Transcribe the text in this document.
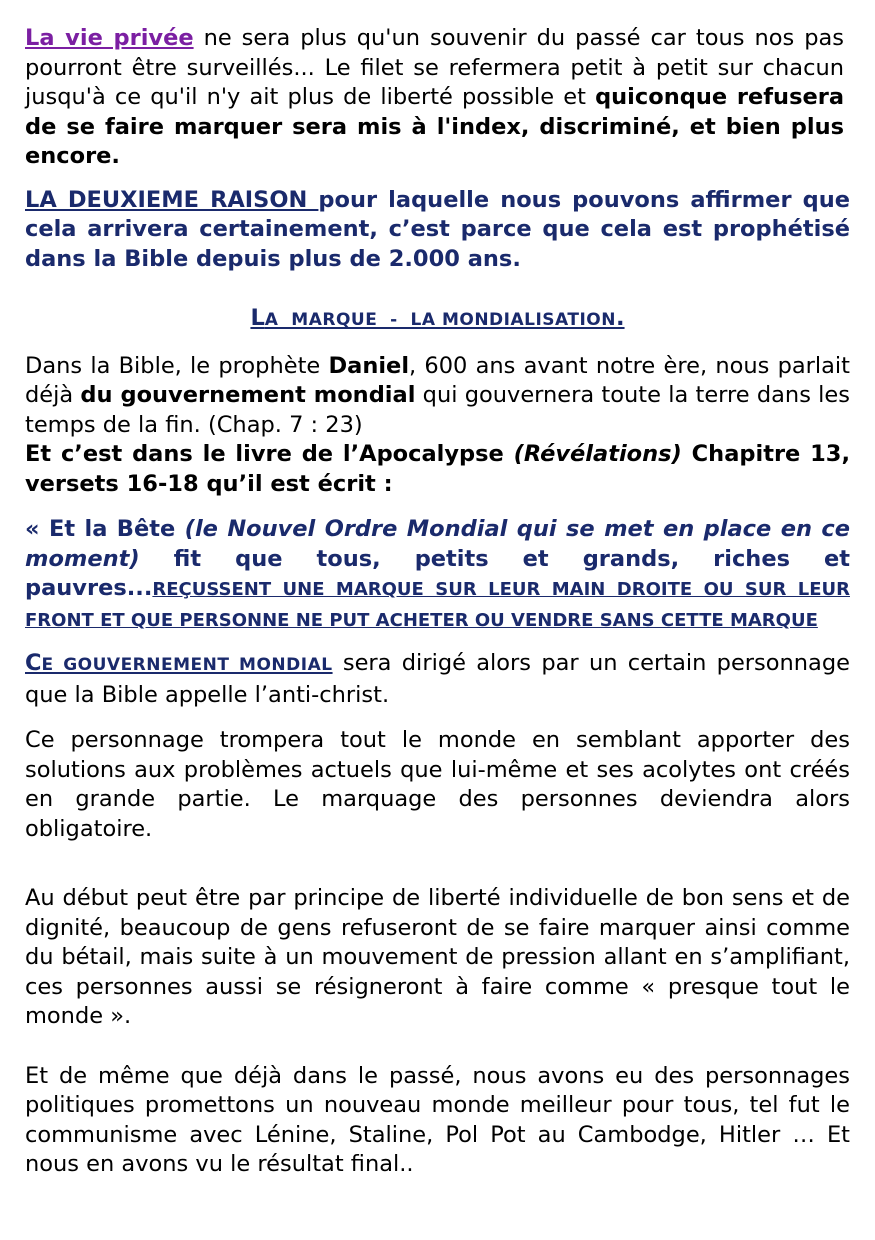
La vie privée ne sera plus qu'un souvenir du passé car tous nos pas pourront être surveillés... Le filet se refermera petit à petit sur chacun jusqu'à ce qu'il n'y ait plus de liberté possible et quiconque refusera de se faire marquer sera mis à l'index, discriminé, et bien plus encore.

LA DEUXIEME RAISON pour laquelle nous pouvons affirmer que cela arrivera certainement, c’est parce que cela est prophétisé dans la Bible depuis plus de 2.000 ans.

LA  MARQUE  -  LA MONDIALISATION.

Dans la Bible, le prophète Daniel, 600 ans avant notre ère, nous parlait déjà du gouvernement mondial qui gouvernera toute la terre dans les temps de la fin. (Chap. 7 : 23)

Et c’est dans le livre de l’Apocalypse (Révélations) Chapitre 13, versets 16-18 qu’il est écrit :

« Et la Bête (le Nouvel Ordre Mondial qui se met en place en ce moment) fit que tous, petits et grands, riches et pauvres...REÇUSSENT UNE MARQUE SUR LEUR MAIN DROITE OU SUR LEUR FRONT ET QUE PERSONNE NE PUT ACHETER OU VENDRE SANS CETTE MARQUE

CE GOUVERNEMENT MONDIAL sera dirigé alors par un certain personnage que la Bible appelle l’anti-christ.

Ce personnage trompera tout le monde en semblant apporter des solutions aux problèmes actuels que lui-même et ses acolytes ont créés en grande partie. Le marquage des personnes deviendra alors obligatoire.

Au début peut être par principe de liberté individuelle de bon sens et de dignité, beaucoup de gens refuseront de se faire marquer ainsi comme du bétail, mais suite à un mouvement de pression allant en s’amplifiant, ces personnes aussi se résigneront à faire comme « presque tout le monde ».

Et de même que déjà dans le passé, nous avons eu des personnages politiques promettons un nouveau monde meilleur pour tous, tel fut le communisme avec Lénine, Staline, Pol Pot au Cambodge, Hitler … Et nous en avons vu le résultat final..
